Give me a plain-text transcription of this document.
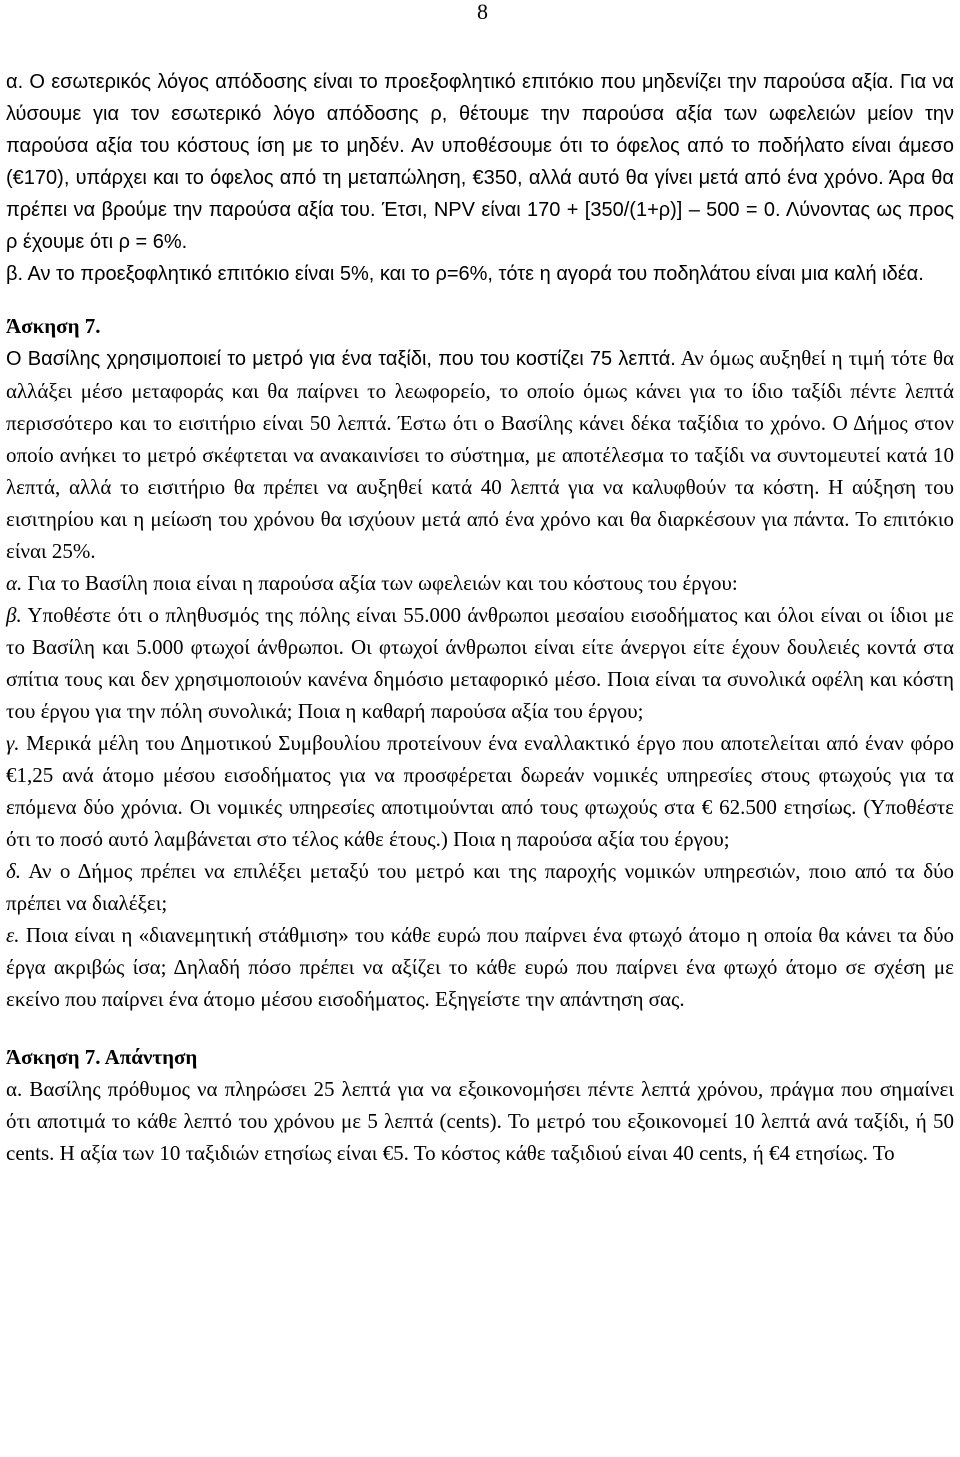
8

α. Ο εσωτερικός λόγος απόδοσης είναι το προεξοφλητικό επιτόκιο που μηδενίζει την παρούσα αξία. Για να λύσουμε για τον εσωτερικό λόγο απόδοσης ρ, θέτουμε την παρούσα αξία των ωφελειών μείον την παρούσα αξία του κόστους ίση με το μηδέν. Αν υποθέσουμε ότι το όφελος από το ποδήλατο είναι άμεσο (€170), υπάρχει και το όφελος από τη μεταπώληση, €350, αλλά αυτό θα γίνει μετά από ένα χρόνο. Άρα θα πρέπει να βρούμε την παρούσα αξία του. Έτσι, NPV είναι 170 + [350/(1+ρ)] ‒ 500 = 0. Λύνοντας ως προς ρ έχουμε ότι ρ = 6%.

β. Αν το προεξοφλητικό επιτόκιο είναι 5%, και το ρ=6%, τότε η αγορά του ποδηλάτου είναι μια καλή ιδέα.

Άσκηση 7.

Ο Βασίλης χρησιμοποιεί το μετρό για ένα ταξίδι, που του κοστίζει 75 λεπτά. Αν όμως αυξηθεί η τιμή τότε θα αλλάξει μέσο μεταφοράς και θα παίρνει το λεωφορείο, το οποίο όμως κάνει για το ίδιο ταξίδι πέντε λεπτά περισσότερο και το εισιτήριο είναι 50 λεπτά. Έστω ότι ο Βασίλης κάνει δέκα ταξίδια το χρόνο. Ο Δήμος στον οποίο ανήκει το μετρό σκέφτεται να ανακαινίσει το σύστημα, με αποτέλεσμα το ταξίδι να συντομευτεί κατά 10 λεπτά, αλλά το εισιτήριο θα πρέπει να αυξηθεί κατά 40 λεπτά για να καλυφθούν τα κόστη. Η αύξηση του εισιτηρίου και η μείωση του χρόνου θα ισχύουν μετά από ένα χρόνο και θα διαρκέσουν για πάντα. Το επιτόκιο είναι 25%.

α. Για το Βασίλη ποια είναι η παρούσα αξία των ωφελειών και του κόστους του έργου:

β. Υποθέστε ότι ο πληθυσμός της πόλης είναι 55.000 άνθρωποι μεσαίου εισοδήματος και όλοι είναι οι ίδιοι με το Βασίλη και 5.000 φτωχοί άνθρωποι. Οι φτωχοί άνθρωποι είναι είτε άνεργοι είτε έχουν δουλειές κοντά στα σπίτια τους και δεν χρησιμοποιούν κανένα δημόσιο μεταφορικό μέσο. Ποια είναι τα συνολικά οφέλη και κόστη του έργου για την πόλη συνολικά; Ποια η καθαρή παρούσα αξία του έργου;

γ. Μερικά μέλη του Δημοτικού Συμβουλίου προτείνουν ένα εναλλακτικό έργο που αποτελείται από έναν φόρο €1,25 ανά άτομο μέσου εισοδήματος για να προσφέρεται δωρεάν νομικές υπηρεσίες στους φτωχούς για τα επόμενα δύο χρόνια. Οι νομικές υπηρεσίες αποτιμούνται από τους φτωχούς στα € 62.500 ετησίως. (Υποθέστε ότι το ποσό αυτό λαμβάνεται στο τέλος κάθε έτους.) Ποια η παρούσα αξία του έργου;

δ. Αν ο Δήμος πρέπει να επιλέξει μεταξύ του μετρό και της παροχής νομικών υπηρεσιών, ποιο από τα δύο πρέπει να διαλέξει;

ε. Ποια είναι η «διανεμητική στάθμιση» του κάθε ευρώ που παίρνει ένα φτωχό άτομο η οποία θα κάνει τα δύο έργα ακριβώς ίσα; Δηλαδή πόσο πρέπει να αξίζει το κάθε ευρώ που παίρνει ένα φτωχό άτομο σε σχέση με εκείνο που παίρνει ένα άτομο μέσου εισοδήματος. Εξηγείστε την απάντηση σας.

Άσκηση 7. Απάντηση

α. Βασίλης πρόθυμος να πληρώσει 25 λεπτά για να εξοικονομήσει πέντε λεπτά χρόνου, πράγμα που σημαίνει ότι αποτιμά το κάθε λεπτό του χρόνου με 5 λεπτά (cents). Το μετρό του εξοικονομεί 10 λεπτά ανά ταξίδι, ή 50 cents. Η αξία των 10 ταξιδιών ετησίως είναι €5. Το κόστος κάθε ταξιδιού είναι 40 cents, ή €4 ετησίως. Το
